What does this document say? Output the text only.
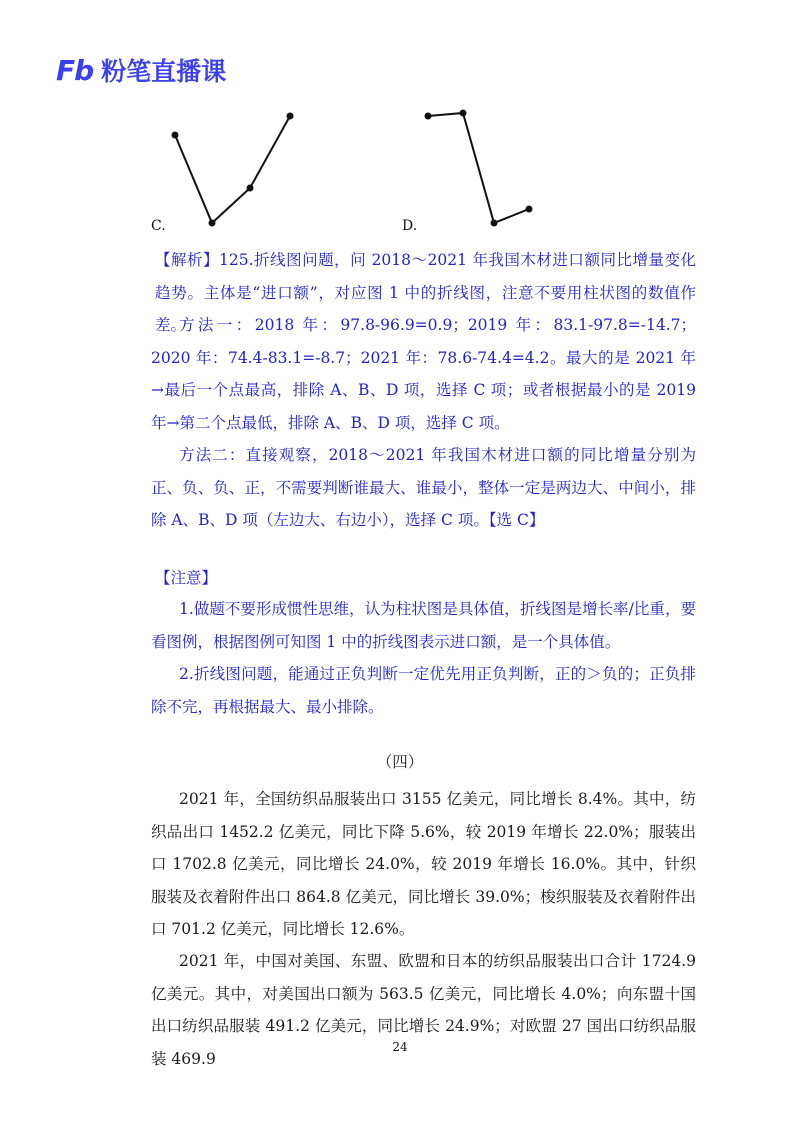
Fb 粉笔直播课
C.	D.

【解析】125.折线图问题，问 2018～2021 年我国木材进口额同比增量变化趋势。主体是“进口额”，对应图 1 中的折线图，注意不要用柱状图的数值作差。

方法一：2018 年：97.8-96.9=0.9；2019 年：83.1-97.8=-14.7；2020 年：74.4-83.1=-8.7；2021 年：78.6-74.4=4.2。最大的是 2021 年→最后一个点最高，排除 A、B、D 项，选择 C 项；或者根据最小的是 2019 年→第二个点最低，排除 A、B、D 项，选择 C 项。

方法二：直接观察，2018～2021 年我国木材进口额的同比增量分别为正、负、负、正，不需要判断谁最大、谁最小，整体一定是两边大、中间小，排除 A、B、D 项（左边大、右边小），选择 C 项。【选 C】

【注意】

1.做题不要形成惯性思维，认为柱状图是具体值，折线图是增长率/比重，要看图例，根据图例可知图 1 中的折线图表示进口额，是一个具体值。

2.折线图问题，能通过正负判断一定优先用正负判断，正的＞负的；正负排除不完，再根据最大、最小排除。

（四）

2021 年，全国纺织品服装出口 3155 亿美元，同比增长 8.4%。其中，纺织品出口 1452.2 亿美元，同比下降 5.6%，较 2019 年增长 22.0%；服装出口 1702.8 亿美元，同比增长 24.0%，较 2019 年增长 16.0%。其中，针织服装及衣着附件出口 864.8 亿美元，同比增长 39.0%；梭织服装及衣着附件出口 701.2 亿美元，同比增长 12.6%。

2021 年，中国对美国、东盟、欧盟和日本的纺织品服装出口合计 1724.9 亿美元。其中，对美国出口额为 563.5 亿美元，同比增长 4.0%；向东盟十国出口纺织品服装 491.2 亿美元，同比增长 24.9%；对欧盟 27 国出口纺织品服装 469.9

24
